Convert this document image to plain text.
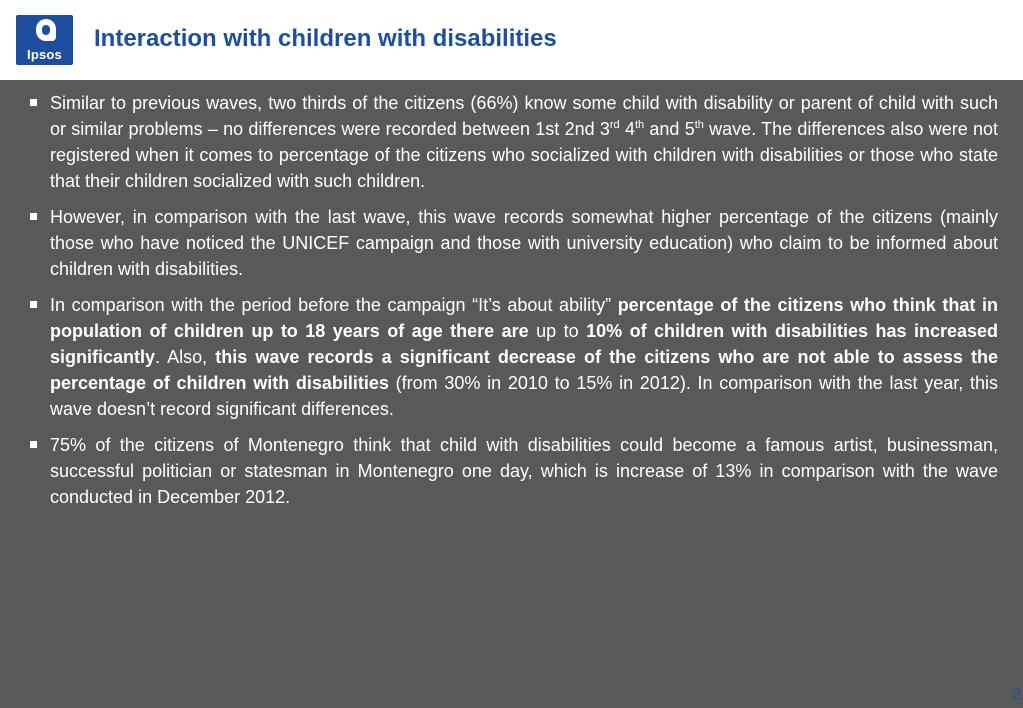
Ipsos
Interaction with children with disabilities
Similar to previous waves, two thirds of the citizens (66%) know some child with disability or parent of child with such or similar problems – no differences were recorded between 1st 2nd 3rd 4th and 5th wave. The differences also were not registered when it comes to percentage of the citizens who socialized with children with disabilities or those who state that their children socialized with such children.
However, in comparison with the last wave, this wave records somewhat higher percentage of the citizens (mainly those who have noticed the UNICEF campaign and those with university education) who claim to be informed about children with disabilities.
In comparison with the period before the campaign “It’s about ability” percentage of the citizens who think that in population of children up to 18 years of age there are up to 10% of children with disabilities has increased significantly. Also, this wave records a significant decrease of the citizens who are not able to assess the percentage of children with disabilities (from 30% in 2010 to 15% in 2012). In comparison with the last year, this wave doesn’t record significant differences.
75% of the citizens of Montenegro think that child with disabilities could become a famous artist, businessman, successful politician or statesman in Montenegro one day, which is increase of 13% in comparison with the wave conducted in December 2012.
2
